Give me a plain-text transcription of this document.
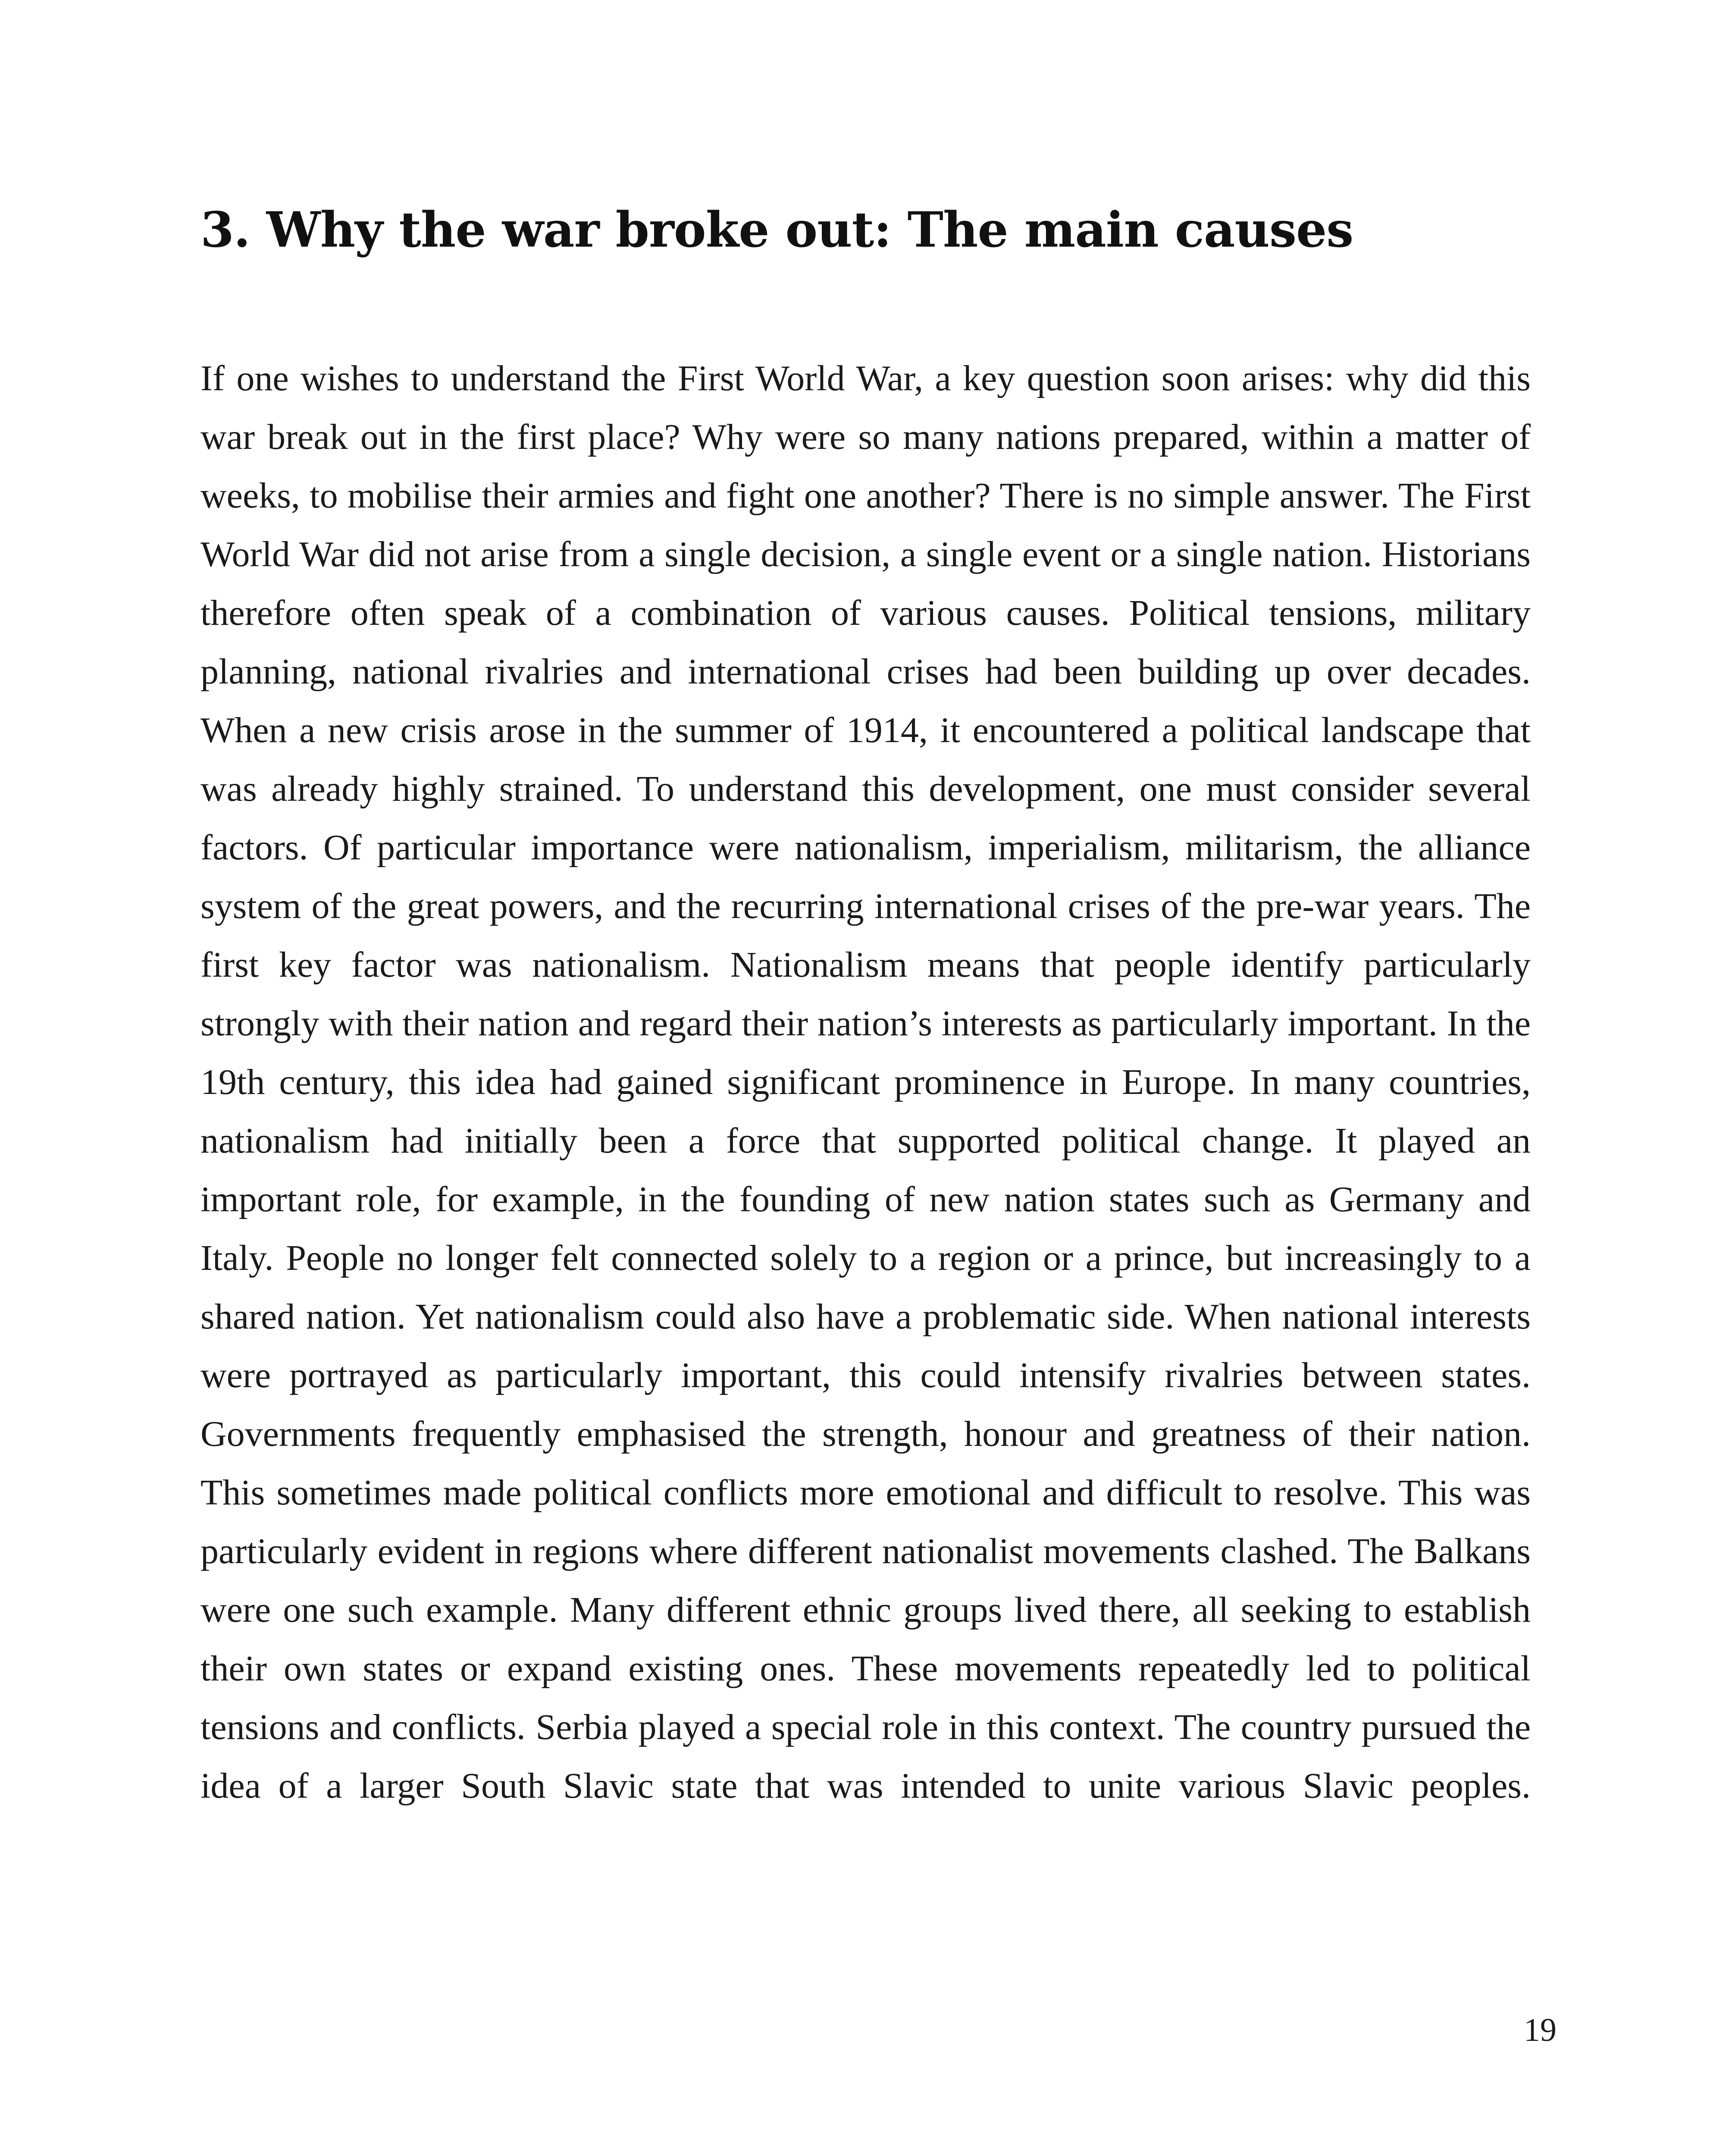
3. Why the war broke out: The main causes

If one wishes to understand the First World War, a key question soon arises: why did this war break out in the first place? Why were so many nations prepared, within a matter of weeks, to mobilise their armies and fight one another? There is no simple answer. The First World War did not arise from a single decision, a single event or a single nation. Historians therefore often speak of a combination of various causes. Political tensions, military planning, national rivalries and international crises had been building up over decades. When a new crisis arose in the summer of 1914, it encountered a political landscape that was already highly strained. To understand this development, one must consider several factors. Of particular importance were nationalism, imperialism, militarism, the alliance system of the great powers, and the recurring international crises of the pre-war years. The first key factor was nationalism. Nationalism means that people identify particularly strongly with their nation and regard their nation’s interests as particularly important. In the 19th century, this idea had gained significant prominence in Europe. In many countries, nationalism had initially been a force that supported political change. It played an important role, for example, in the founding of new nation states such as Germany and Italy. People no longer felt connected solely to a region or a prince, but increasingly to a shared nation. Yet nationalism could also have a problematic side. When national interests were portrayed as particularly important, this could intensify rivalries between states. Governments frequently emphasised the strength, honour and greatness of their nation. This sometimes made political conflicts more emotional and difficult to resolve. This was particularly evident in regions where different nationalist movements clashed. The Balkans were one such example. Many different ethnic groups lived there, all seeking to establish their own states or expand existing ones. These movements repeatedly led to political tensions and conflicts. Serbia played a special role in this context. The country pursued the idea of a larger South Slavic state that was intended to unite various Slavic peoples.

19
